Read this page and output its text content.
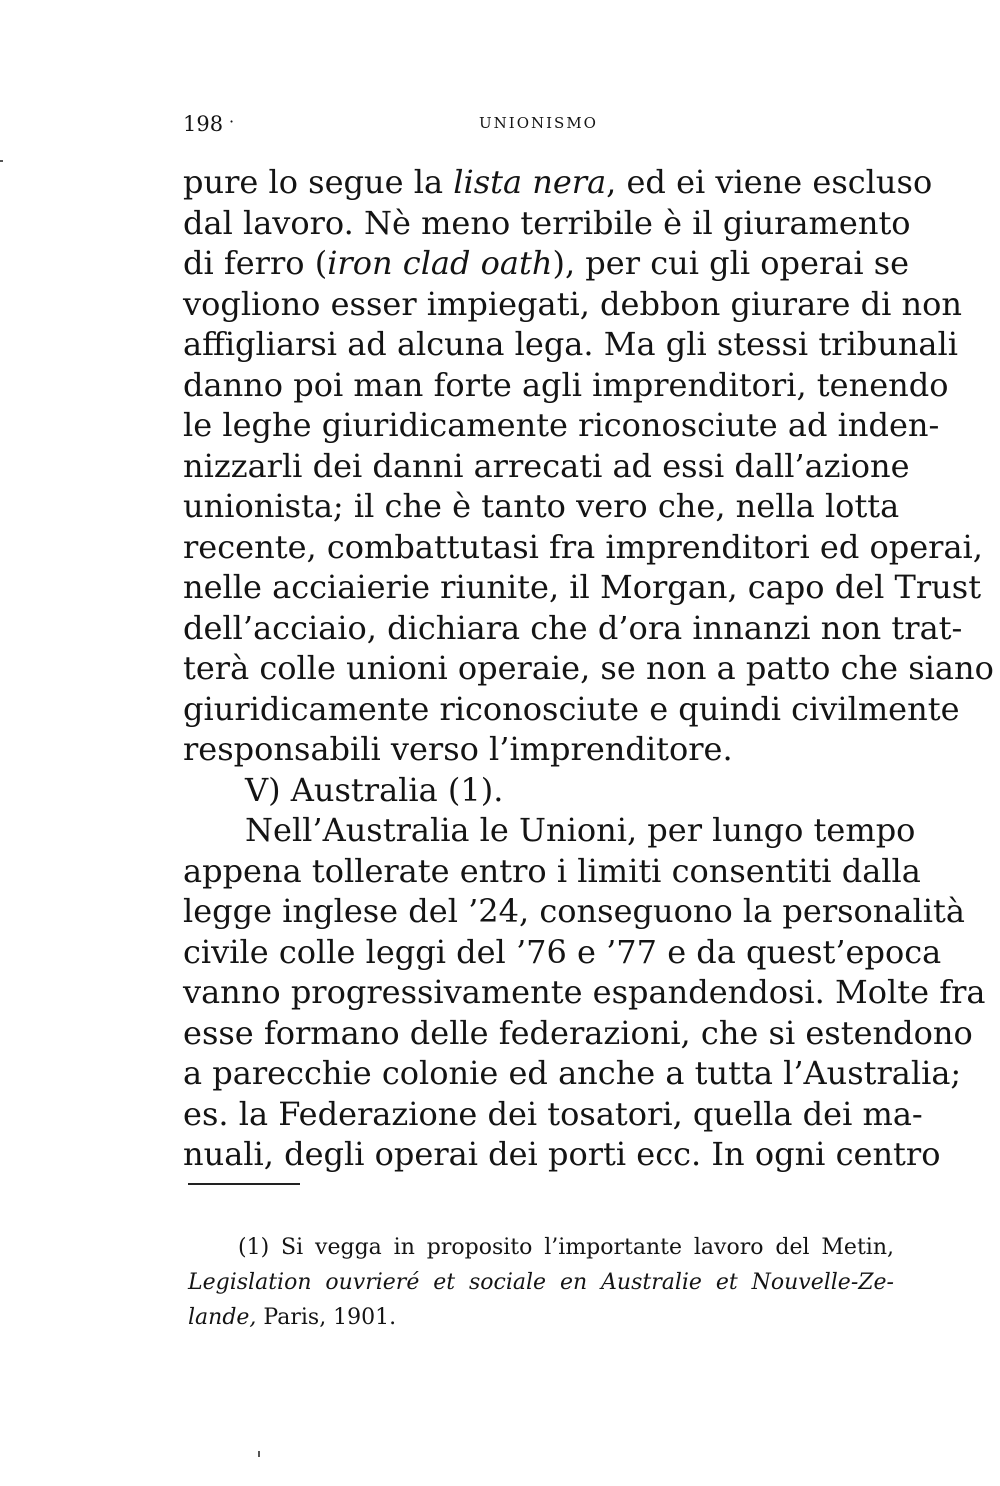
198 ·	UNIONISMO
pure lo segue la lista nera, ed ei viene escluso
dal lavoro. Nè meno terribile è il giuramento
di ferro (iron clad oath), per cui gli operai se
vogliono esser impiegati, debbon giurare di non
affigliarsi ad alcuna lega. Ma gli stessi tribunali
danno poi man forte agli imprenditori, tenendo
le leghe giuridicamente riconosciute ad inden-
nizzarli dei danni arrecati ad essi dall’azione
unionista; il che è tanto vero che, nella lotta
recente, combattutasi fra imprenditori ed operai,
nelle acciaierie riunite, il Morgan, capo del Trust
dell’acciaio, dichiara che d’ora innanzi non trat-
terà colle unioni operaie, se non a patto che siano
giuridicamente riconosciute e quindi civilmente
responsabili verso l’imprenditore.
V) Australia (1).
Nell’Australia le Unioni, per lungo tempo
appena tollerate entro i limiti consentiti dalla
legge inglese del ’24, conseguono la personalità
civile colle leggi del ’76 e ’77 e da quest’epoca
vanno progressivamente espandendosi. Molte fra
esse formano delle federazioni, che si estendono
a parecchie colonie ed anche a tutta l’Australia;
es. la Federazione dei tosatori, quella dei ma-
nuali, degli operai dei porti ecc. In ogni centro
(1) Si vegga in proposito l’importante lavoro del Metin,
Legislation ouvrieré et sociale en Australie et Nouvelle-Ze-
lande, Paris, 1901.
